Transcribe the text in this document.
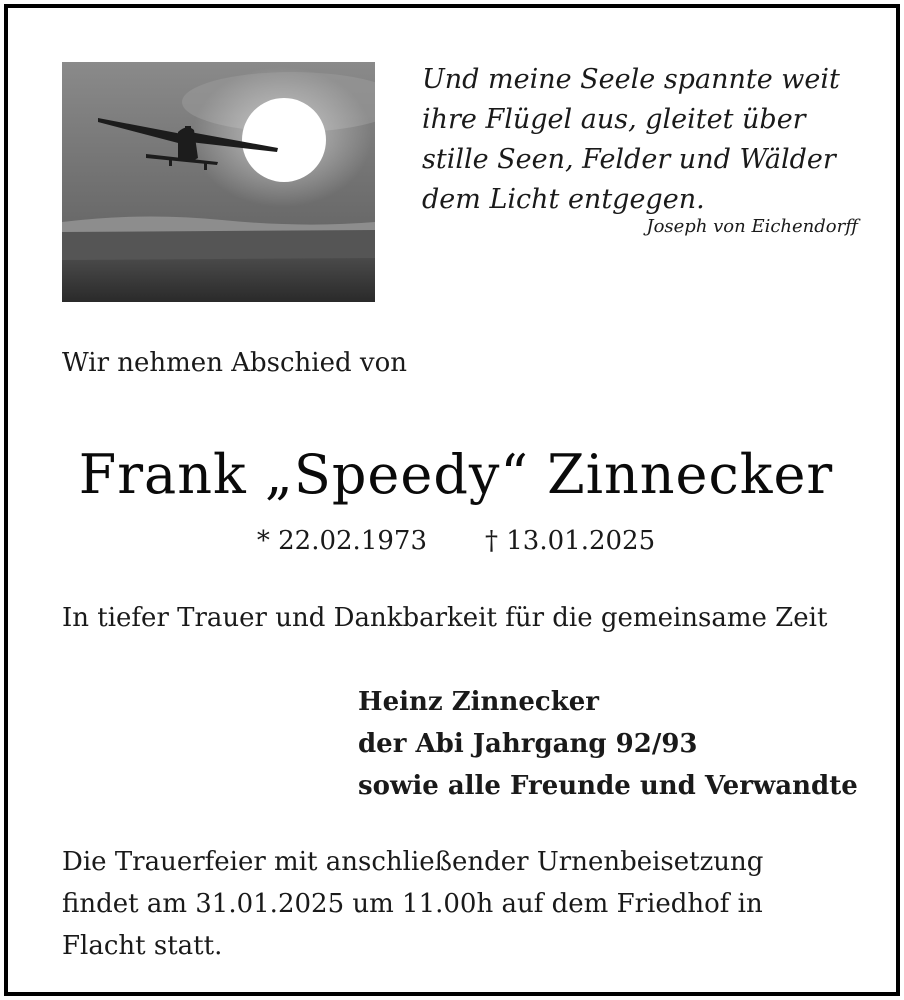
Und meine Seele spannte weit
ihre Flügel aus, gleitet über
stille Seen, Felder und Wälder
dem Licht entgegen.
Joseph von Eichendorff
Wir nehmen Abschied von
Frank „Speedy“ Zinnecker
* 22.02.1973 † 13.01.2025
In tiefer Trauer und Dankbarkeit für die gemeinsame Zeit
Heinz Zinnecker
der Abi Jahrgang 92/93
sowie alle Freunde und Verwandte
Die Trauerfeier mit anschließender Urnenbeisetzung
findet am 31.01.2025 um 11.00h auf dem Friedhof in
Flacht statt.
